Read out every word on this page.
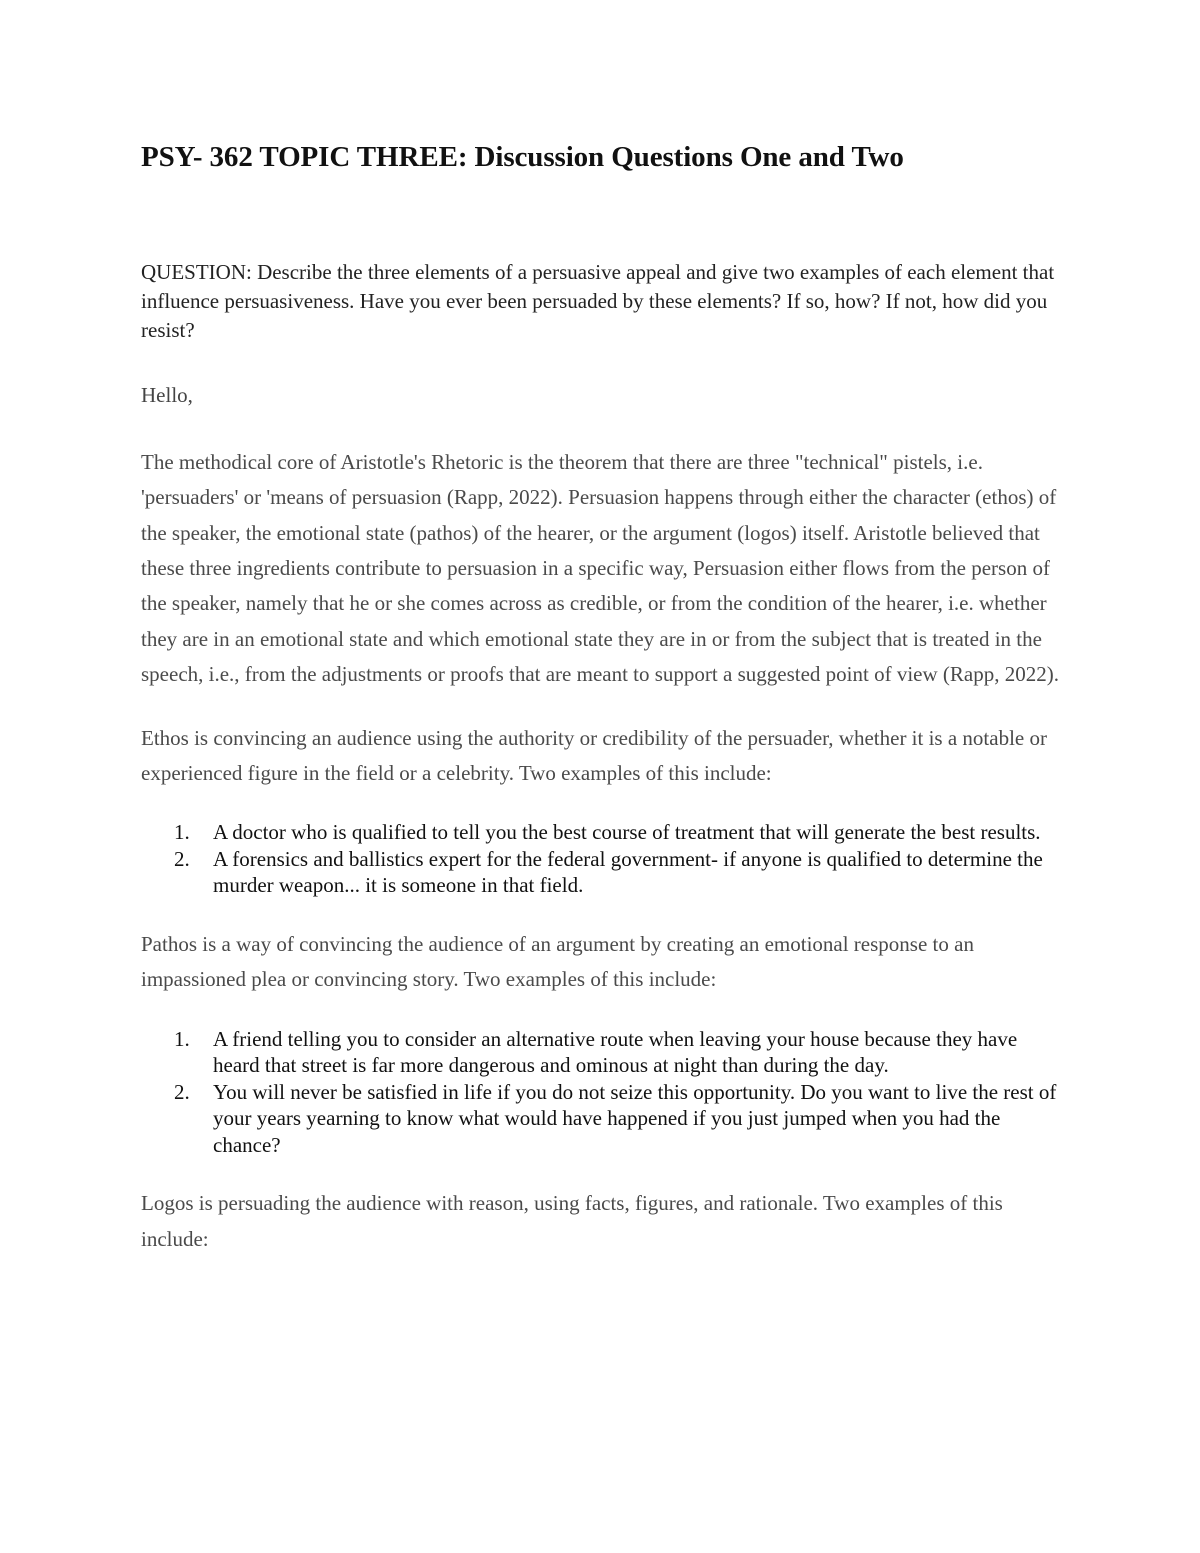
PSY- 362 TOPIC THREE: Discussion Questions One and Two

QUESTION: Describe the three elements of a persuasive appeal and give two examples of each element that influence persuasiveness. Have you ever been persuaded by these elements? If so, how? If not, how did you resist?

Hello,

The methodical core of Aristotle's Rhetoric is the theorem that there are three "technical" pistels, i.e. 'persuaders' or 'means of persuasion (Rapp, 2022). Persuasion happens through either the character (ethos) of the speaker, the emotional state (pathos) of the hearer, or the argument (logos) itself. Aristotle believed that these three ingredients contribute to persuasion in a specific way, Persuasion either flows from the person of the speaker, namely that he or she comes across as credible, or from the condition of the hearer, i.e. whether they are in an emotional state and which emotional state they are in or from the subject that is treated in the speech, i.e., from the adjustments or proofs that are meant to support a suggested point of view (Rapp, 2022).

Ethos is convincing an audience using the authority or credibility of the persuader, whether it is a notable or experienced figure in the field or a celebrity. Two examples of this include:

1. A doctor who is qualified to tell you the best course of treatment that will generate the best results.
2. A forensics and ballistics expert for the federal government- if anyone is qualified to determine the murder weapon... it is someone in that field.

Pathos is a way of convincing the audience of an argument by creating an emotional response to an impassioned plea or convincing story. Two examples of this include:

1. A friend telling you to consider an alternative route when leaving your house because they have heard that street is far more dangerous and ominous at night than during the day.
2. You will never be satisfied in life if you do not seize this opportunity. Do you want to live the rest of your years yearning to know what would have happened if you just jumped when you had the chance?

Logos is persuading the audience with reason, using facts, figures, and rationale. Two examples of this include:
